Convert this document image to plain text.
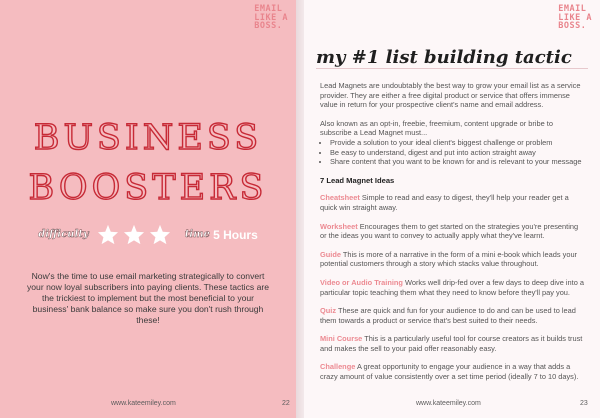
EMAIL
LIKE A
BOSS.
BUSINESS
BOOSTERS
difficulty	time 5 Hours
Now's the time to use email marketing strategically to convert your now loyal subscribers into paying clients. These tactics are the trickiest to implement but the most beneficial to your business' bank balance so make sure you don't rush through these!
www.kateemiley.com	22
EMAIL
LIKE A
BOSS.
my #1 list building tactic

Lead Magnets are undoubtably the best way to grow your email list as a service provider. They are either a free digital product or service that offers immense value in return for your prospective client's name and email address.

Also known as an opt-in, freebie, freemium, content upgrade or bribe to subscribe a Lead Magnet must...

• Provide a solution to your ideal client's biggest challenge or problem
• Be easy to understand, digest and put into action straight away
• Share content that you want to be known for and is relevant to your message
7 Lead Magnet Ideas
Cheatsheet Simple to read and easy to digest, they'll help your reader get a quick win straight away.
Worksheet Encourages them to get started on the strategies you're presenting or the ideas you want to convey to actually apply what they've learnt.
Guide This is more of a narrative in the form of a mini e-book which leads your potential customers through a story which stacks value throughout.
Video or Audio Training Works well drip-fed over a few days to deep dive into a particular topic teaching them what they need to know before they'll pay you.
Quiz These are quick and fun for your audience to do and can be used to lead them towards a product or service that's best suited to their needs.
Mini Course This is a particularly useful tool for course creators as it builds trust and makes the sell to your paid offer reasonably easy.
Challenge A great opportunity to engage your audience in a way that adds a crazy amount of value consistently over a set time period (ideally 7 to 10 days).
www.kateemiley.com	23
